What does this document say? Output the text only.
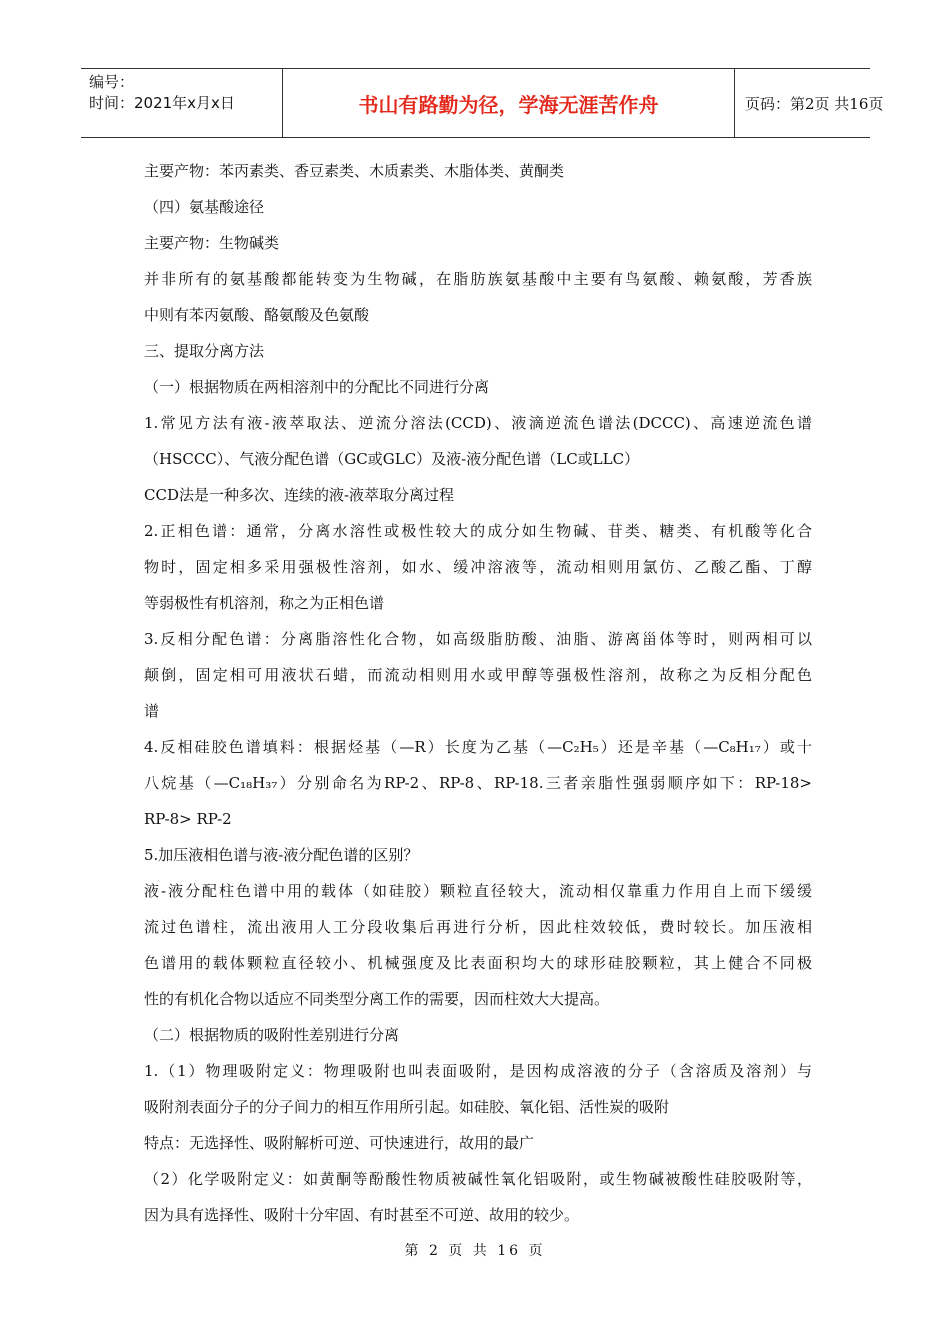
编号：
时间：2021年x月x日	书山有路勤为径，学海无涯苦作舟	页码：第2页 共16页
主要产物：苯丙素类、香豆素类、木质素类、木脂体类、黄酮类
（四）氨基酸途径
主要产物：生物碱类
并非所有的氨基酸都能转变为生物碱，在脂肪族氨基酸中主要有鸟氨酸、赖氨酸，芳香族
中则有苯丙氨酸、酪氨酸及色氨酸
三、提取分离方法
（一）根据物质在两相溶剂中的分配比不同进行分离
1.常见方法有液-液萃取法、逆流分溶法(CCD)、液滴逆流色谱法(DCCC)、高速逆流色谱
（HSCCC）、气液分配色谱（GC或GLC）及液-液分配色谱（LC或LLC）
CCD法是一种多次、连续的液-液萃取分离过程
2.正相色谱：通常，分离水溶性或极性较大的成分如生物碱、苷类、糖类、有机酸等化合
物时，固定相多采用强极性溶剂，如水、缓冲溶液等，流动相则用氯仿、乙酸乙酯、丁醇
等弱极性有机溶剂，称之为正相色谱
3.反相分配色谱：分离脂溶性化合物，如高级脂肪酸、油脂、游离甾体等时，则两相可以
颠倒，固定相可用液状石蜡，而流动相则用水或甲醇等强极性溶剂，故称之为反相分配色
谱
4.反相硅胶色谱填料：根据烃基（—R）长度为乙基（—C₂H₅）还是辛基（—C₈H₁₇）或十
八烷基（—C₁₈H₃₇）分别命名为RP-2、RP-8、RP-18.三者亲脂性强弱顺序如下：RP-18>
RP-8> RP-2
5.加压液相色谱与液-液分配色谱的区别？
液-液分配柱色谱中用的载体（如硅胶）颗粒直径较大，流动相仅靠重力作用自上而下缓缓
流过色谱柱，流出液用人工分段收集后再进行分析，因此柱效较低，费时较长。加压液相
色谱用的载体颗粒直径较小、机械强度及比表面积均大的球形硅胶颗粒，其上健合不同极
性的有机化合物以适应不同类型分离工作的需要，因而柱效大大提高。
（二）根据物质的吸附性差别进行分离
1.（1）物理吸附定义：物理吸附也叫表面吸附，是因构成溶液的分子（含溶质及溶剂）与
吸附剂表面分子的分子间力的相互作用所引起。如硅胶、氧化铝、活性炭的吸附
特点：无选择性、吸附解析可逆、可快速进行，故用的最广
（2）化学吸附定义：如黄酮等酚酸性物质被碱性氧化铝吸附，或生物碱被酸性硅胶吸附等，
因为具有选择性、吸附十分牢固、有时甚至不可逆、故用的较少。
第 2 页 共 16 页
